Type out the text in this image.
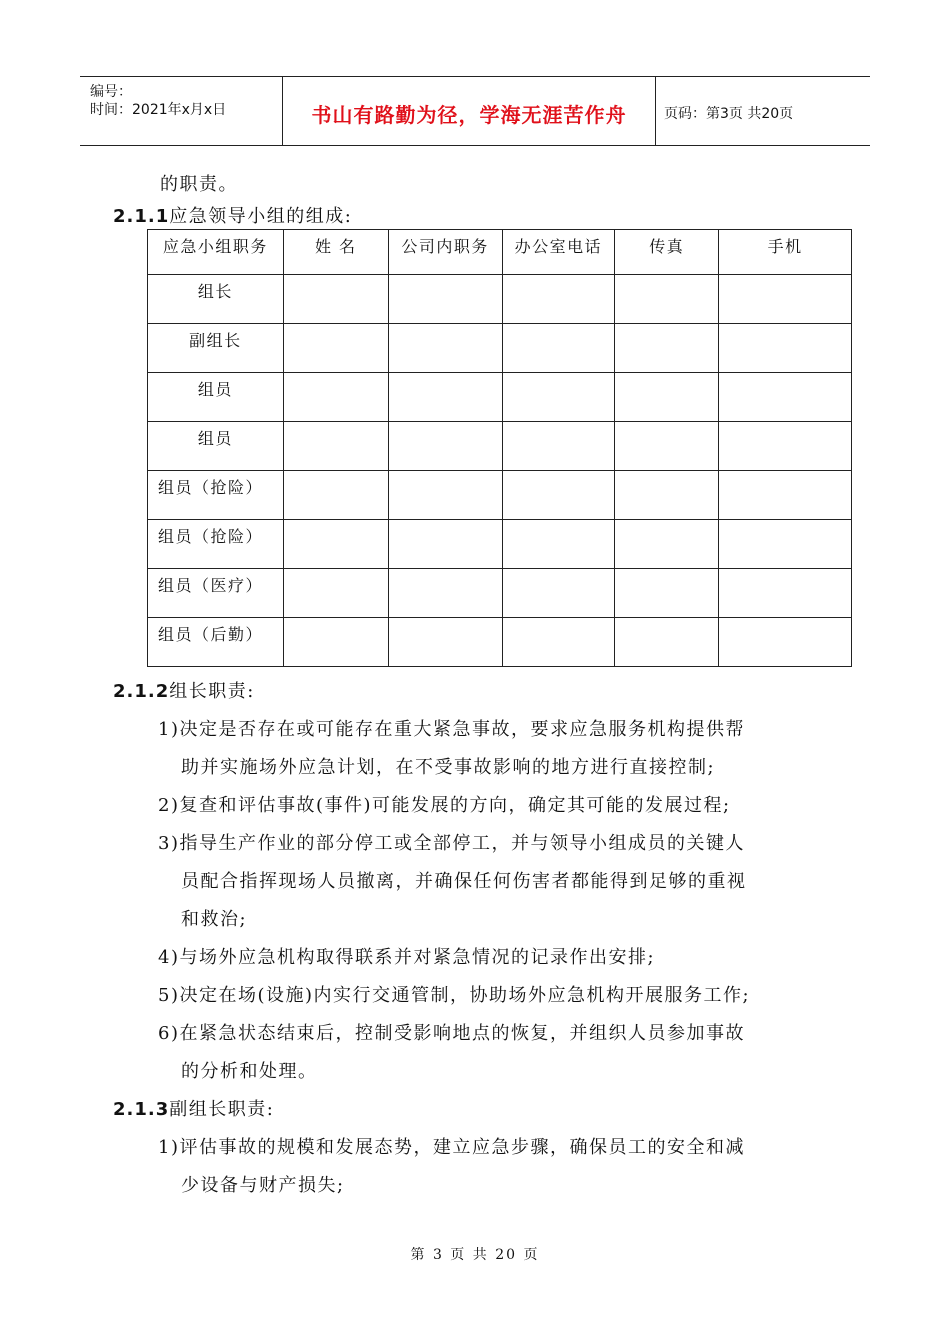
编号：
时间：2021年x月x日	书山有路勤为径，学海无涯苦作舟	页码：第3页 共20页
的职责。
2.1.1应急领导小组的组成:
应急小组职务	姓 名	公司内职务	办公室电话	传真	手机
组长					
副组长					
组员					
组员					
组员（抢险）					
组员（抢险）					
组员（医疗）					
组员（后勤）					
2.1.2组长职责:
1)决定是否存在或可能存在重大紧急事故，要求应急服务机构提供帮
助并实施场外应急计划，在不受事故影响的地方进行直接控制;
2)复查和评估事故(事件)可能发展的方向，确定其可能的发展过程;
3)指导生产作业的部分停工或全部停工，并与领导小组成员的关键人
员配合指挥现场人员撤离，并确保任何伤害者都能得到足够的重视
和救治;
4)与场外应急机构取得联系并对紧急情况的记录作出安排;
5)决定在场(设施)内实行交通管制，协助场外应急机构开展服务工作;
6)在紧急状态结束后，控制受影响地点的恢复，并组织人员参加事故
的分析和处理。
2.1.3副组长职责:
1)评估事故的规模和发展态势，建立应急步骤，确保员工的安全和减
少设备与财产损失;
第 3 页 共 20 页
